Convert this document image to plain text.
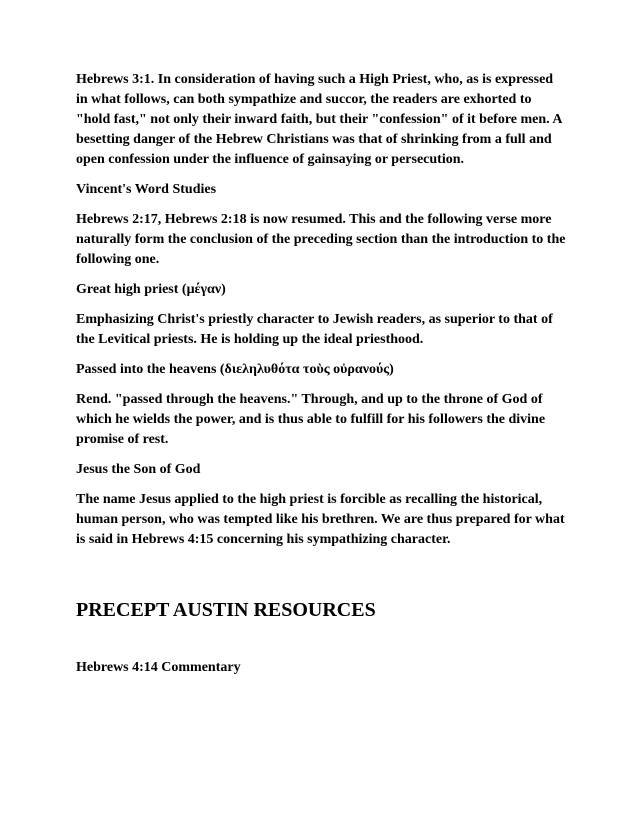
Hebrews 3:1. In consideration of having such a High Priest, who, as is expressed in what follows, can both sympathize and succor, the readers are exhorted to "hold fast," not only their inward faith, but their "confession" of it before men. A besetting danger of the Hebrew Christians was that of shrinking from a full and open confession under the influence of gainsaying or persecution.

Vincent's Word Studies

Hebrews 2:17, Hebrews 2:18 is now resumed. This and the following verse more naturally form the conclusion of the preceding section than the introduction to the following one.

Great high priest (μέγαν)

Emphasizing Christ's priestly character to Jewish readers, as superior to that of the Levitical priests. He is holding up the ideal priesthood.

Passed into the heavens (διεληλυθότα τοὺς οὐρανούς)

Rend. "passed through the heavens." Through, and up to the throne of God of which he wields the power, and is thus able to fulfill for his followers the divine promise of rest.

Jesus the Son of God

The name Jesus applied to the high priest is forcible as recalling the historical, human person, who was tempted like his brethren. We are thus prepared for what is said in Hebrews 4:15 concerning his sympathizing character.

PRECEPT AUSTIN RESOURCES

Hebrews 4:14 Commentary
